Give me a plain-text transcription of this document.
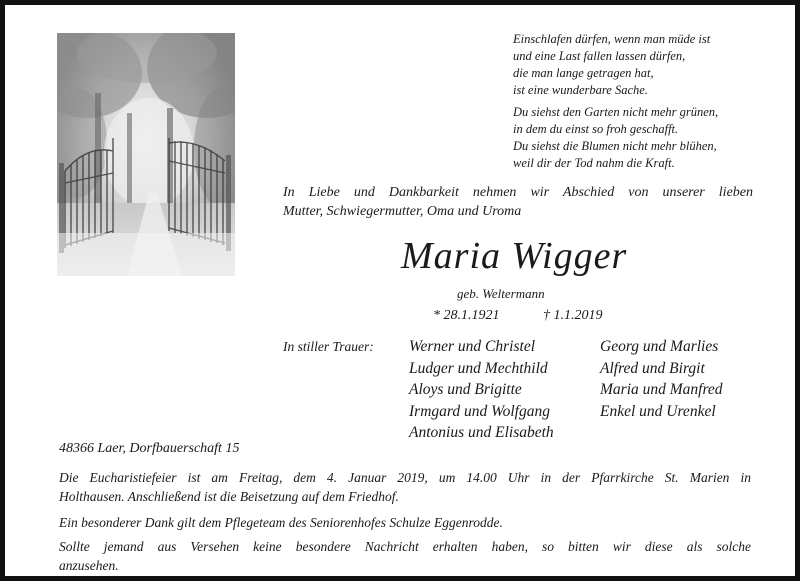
Einschlafen dürfen, wenn man müde ist
und eine Last fallen lassen dürfen,
die man lange getragen hat,
ist eine wunderbare Sache.
Du siehst den Garten nicht mehr grünen,
in dem du einst so froh geschafft.
Du siehst die Blumen nicht mehr blühen,
weil dir der Tod nahm die Kraft.
In Liebe und Dankbarkeit nehmen wir Abschied von unserer lieben
Mutter, Schwiegermutter, Oma und Uroma
Maria Wigger
geb. Weltermann
* 28.1.1921	† 1.1.2019
In stiller Trauer: Werner und Christel
Ludger und Mechthild
Aloys und Brigitte
Irmgard und Wolfgang
Antonius und Elisabeth
Georg und Marlies
Alfred und Birgit
Maria und Manfred
Enkel und Urenkel
48366 Laer, Dorfbauerschaft 15
Die Eucharistiefeier ist am Freitag, dem 4. Januar 2019, um 14.00 Uhr in der Pfarrkirche St. Marien in
Holthausen. Anschließend ist die Beisetzung auf dem Friedhof.
Ein besonderer Dank gilt dem Pflegeteam des Seniorenhofes Schulze Eggenrodde.
Sollte jemand aus Versehen keine besondere Nachricht erhalten haben, so bitten wir diese als solche
anzusehen.
